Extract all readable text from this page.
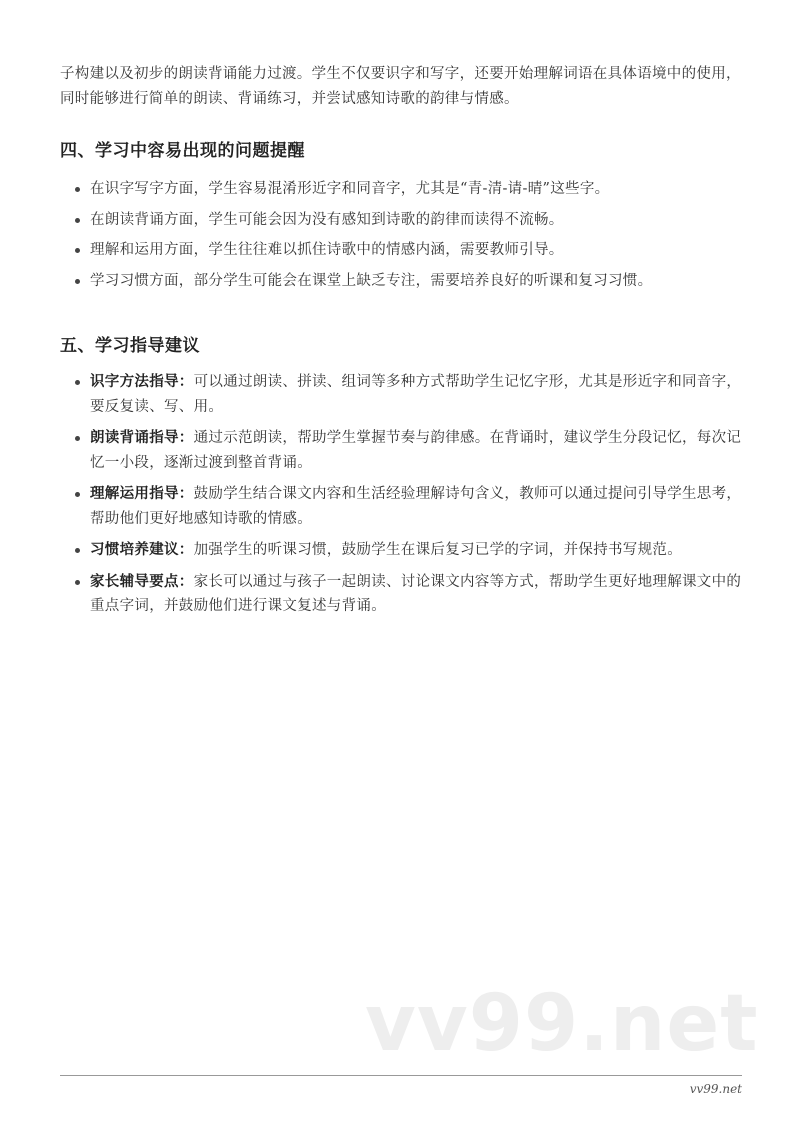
子构建以及初步的朗读背诵能力过渡。学生不仅要识字和写字，还要开始理解词语在具体语境中的使用，同时能够进行简单的朗读、背诵练习，并尝试感知诗歌的韵律与情感。

四、学习中容易出现的问题提醒
在识字写字方面，学生容易混淆形近字和同音字，尤其是“青-清-请-晴”这些字。
在朗读背诵方面，学生可能会因为没有感知到诗歌的韵律而读得不流畅。
理解和运用方面，学生往往难以抓住诗歌中的情感内涵，需要教师引导。
学习习惯方面，部分学生可能会在课堂上缺乏专注，需要培养良好的听课和复习习惯。
五、学习指导建议
识字方法指导：可以通过朗读、拼读、组词等多种方式帮助学生记忆字形，尤其是形近字和同音字，要反复读、写、用。
朗读背诵指导：通过示范朗读，帮助学生掌握节奏与韵律感。在背诵时，建议学生分段记忆，每次记忆一小段，逐渐过渡到整首背诵。
理解运用指导：鼓励学生结合课文内容和生活经验理解诗句含义，教师可以通过提问引导学生思考，帮助他们更好地感知诗歌的情感。
习惯培养建议：加强学生的听课习惯，鼓励学生在课后复习已学的字词，并保持书写规范。
家长辅导要点：家长可以通过与孩子一起朗读、讨论课文内容等方式，帮助学生更好地理解课文中的重点字词，并鼓励他们进行课文复述与背诵。
vv99.net
vv99.net
